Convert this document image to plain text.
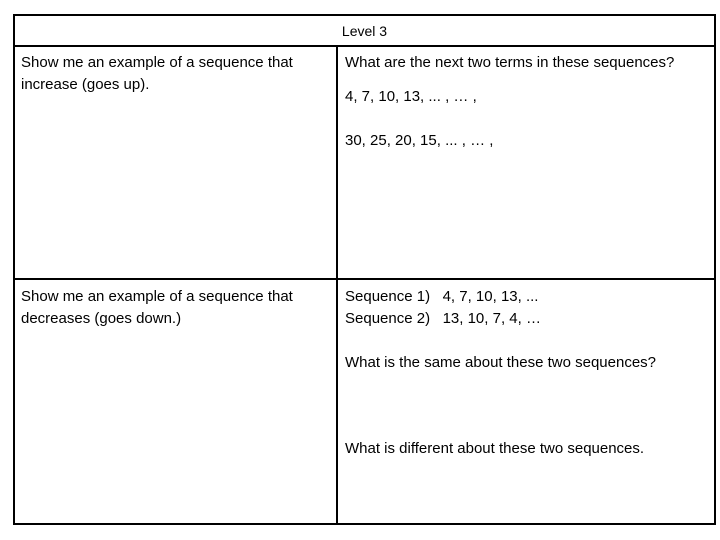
Level 3
Show me an example of a sequence that increase (goes up).
What are the next two terms in these sequences?
4, 7, 10, 13, ... , … ,
30, 25, 20, 15, ... , … ,
Show me an example of a sequence that decreases (goes down.)
Sequence 1)   4, 7, 10, 13, ...
Sequence 2)   13, 10, 7, 4, …
What is the same about these two sequences?
What is different about these two sequences.
